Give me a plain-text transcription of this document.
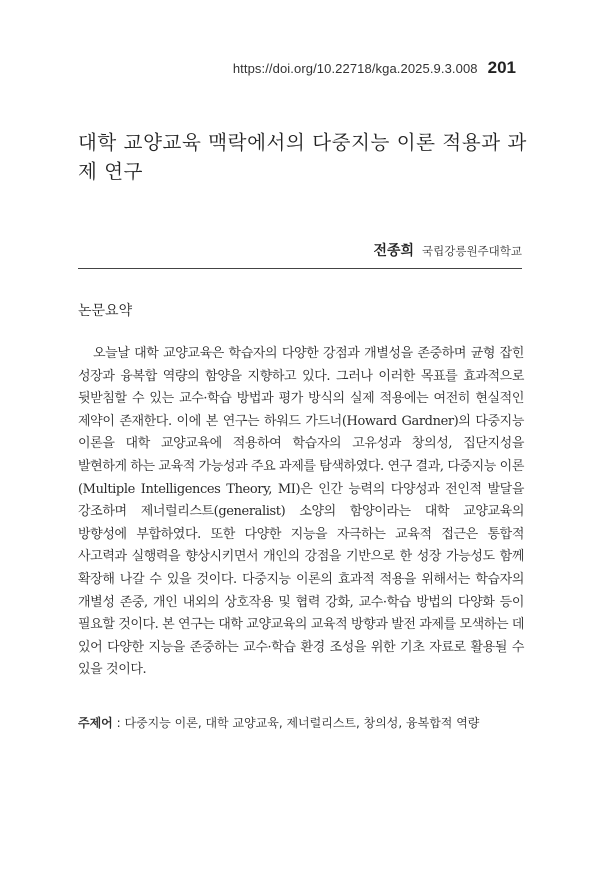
https://doi.org/10.22718/kga.2025.9.3.008 201
대학 교양교육 맥락에서의 다중지능 이론 적용과 과제 연구
전종희 국립강릉원주대학교
논문요약

오늘날 대학 교양교육은 학습자의 다양한 강점과 개별성을 존중하며 균형 잡힌 성장과 융복합 역량의 함양을 지향하고 있다. 그러나 이러한 목표를 효과적으로 뒷받침할 수 있는 교수·학습 방법과 평가 방식의 실제 적용에는 여전히 현실적인 제약이 존재한다. 이에 본 연구는 하워드 가드너(Howard Gardner)의 다중지능 이론을 대학 교양교육에 적용하여 학습자의 고유성과 창의성, 집단지성을 발현하게 하는 교육적 가능성과 주요 과제를 탐색하였다. 연구 결과, 다중지능 이론(Multiple Intelligences Theory, MI)은 인간 능력의 다양성과 전인적 발달을 강조하며 제너럴리스트(generalist) 소양의 함양이라는 대학 교양교육의 방향성에 부합하였다. 또한 다양한 지능을 자극하는 교육적 접근은 통합적 사고력과 실행력을 향상시키면서 개인의 강점을 기반으로 한 성장 가능성도 함께 확장해 나갈 수 있을 것이다. 다중지능 이론의 효과적 적용을 위해서는 학습자의 개별성 존중, 개인 내외의 상호작용 및 협력 강화, 교수·학습 방법의 다양화 등이 필요할 것이다. 본 연구는 대학 교양교육의 교육적 방향과 발전 과제를 모색하는 데 있어 다양한 지능을 존중하는 교수·학습 환경 조성을 위한 기초 자료로 활용될 수 있을 것이다.

주제어 : 다중지능 이론, 대학 교양교육, 제너럴리스트, 창의성, 융복합적 역량
